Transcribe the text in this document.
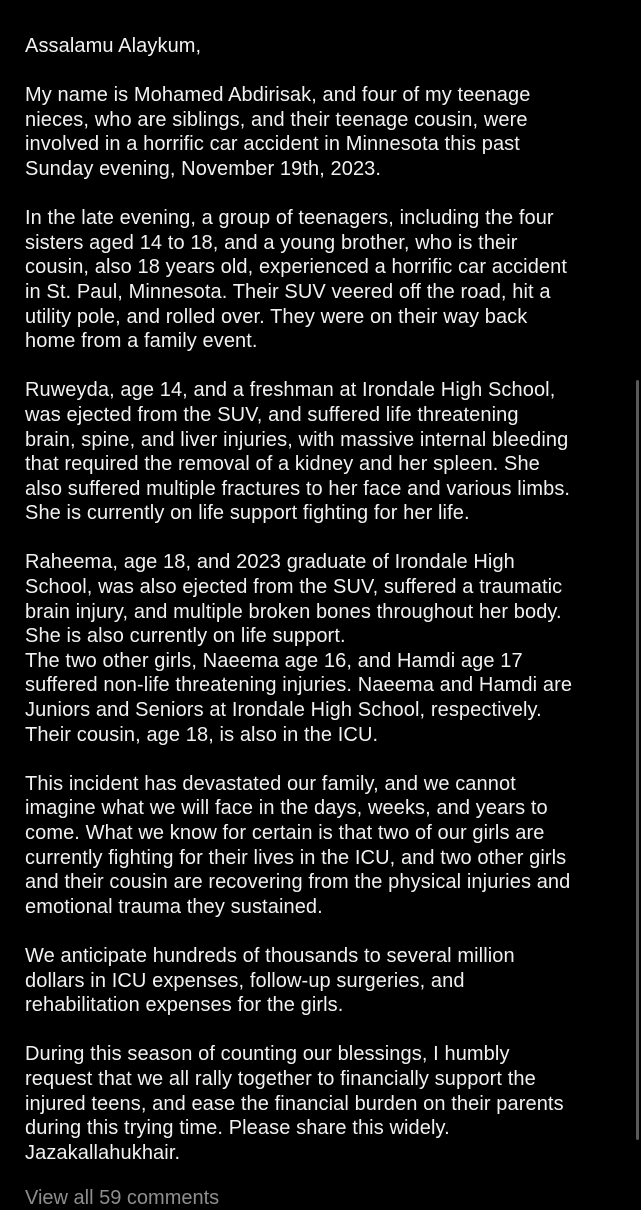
Assalamu Alaykum,

My name is Mohamed Abdirisak, and four of my teenage
nieces, who are siblings, and their teenage cousin, were
involved in a horrific car accident in Minnesota this past
Sunday evening, November 19th, 2023.

In the late evening, a group of teenagers, including the four
sisters aged 14 to 18, and a young brother, who is their
cousin, also 18 years old, experienced a horrific car accident
in St. Paul, Minnesota. Their SUV veered off the road, hit a
utility pole, and rolled over. They were on their way back
home from a family event.

Ruweyda, age 14, and a freshman at Irondale High School,
was ejected from the SUV, and suffered life threatening
brain, spine, and liver injuries, with massive internal bleeding
that required the removal of a kidney and her spleen. She
also suffered multiple fractures to her face and various limbs.
She is currently on life support fighting for her life.

Raheema, age 18, and 2023 graduate of Irondale High
School, was also ejected from the SUV, suffered a traumatic
brain injury, and multiple broken bones throughout her body.
She is also currently on life support.

The two other girls, Naeema age 16, and Hamdi age 17
suffered non-life threatening injuries. Naeema and Hamdi are
Juniors and Seniors at Irondale High School, respectively.
Their cousin, age 18, is also in the ICU.

This incident has devastated our family, and we cannot
imagine what we will face in the days, weeks, and years to
come. What we know for certain is that two of our girls are
currently fighting for their lives in the ICU, and two other girls
and their cousin are recovering from the physical injuries and
emotional trauma they sustained.

We anticipate hundreds of thousands to several million
dollars in ICU expenses, follow-up surgeries, and
rehabilitation expenses for the girls.

During this season of counting our blessings, I humbly
request that we all rally together to financially support the
injured teens, and ease the financial burden on their parents
during this trying time. Please share this widely.
Jazakallahukhair.

View all 59 comments
